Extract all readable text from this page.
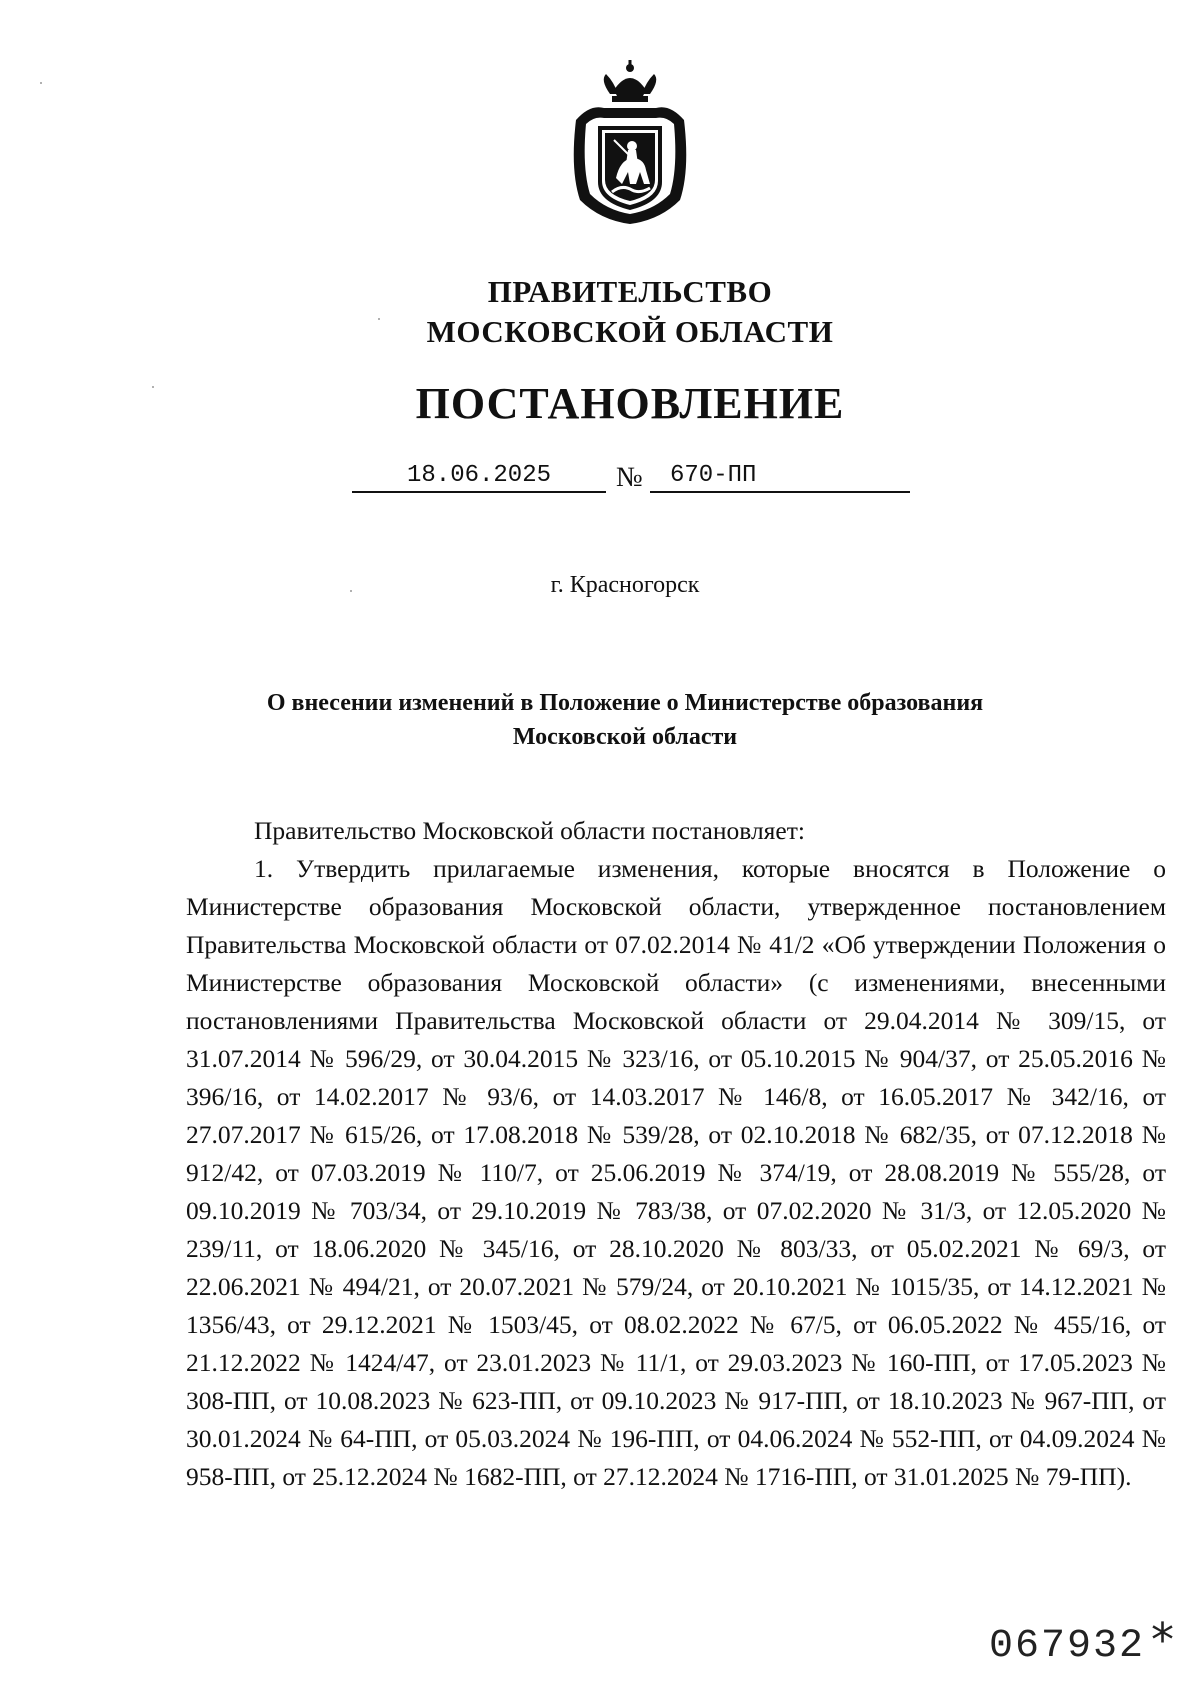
ПРАВИТЕЛЬСТВО
МОСКОВСКОЙ ОБЛАСТИ
ПОСТАНОВЛЕНИЕ
18.06.2025	№	670-ПП
г. Красногорск
О внесении изменений в Положение о Министерстве образования
Московской области

Правительство Московской области постановляет:

1. Утвердить прилагаемые изменения, которые вносятся в Положение о Министерстве образования Московской области, утвержденное постановлением Правительства Московской области от 07.02.2014 № 41/2 «Об утверждении Положения о Министерстве образования Московской области» (с изменениями, внесенными постановлениями Правительства Московской области от 29.04.2014 № 309/15, от 31.07.2014 № 596/29, от 30.04.2015 № 323/16, от 05.10.2015 № 904/37, от 25.05.2016 № 396/16, от 14.02.2017 № 93/6, от 14.03.2017 № 146/8, от 16.05.2017 № 342/16, от 27.07.2017 № 615/26, от 17.08.2018 № 539/28, от 02.10.2018 № 682/35, от 07.12.2018 № 912/42, от 07.03.2019 № 110/7, от 25.06.2019 № 374/19, от 28.08.2019 № 555/28, от 09.10.2019 № 703/34, от 29.10.2019 № 783/38, от 07.02.2020 № 31/3, от 12.05.2020 № 239/11, от 18.06.2020 № 345/16, от 28.10.2020 № 803/33, от 05.02.2021 № 69/3, от 22.06.2021 № 494/21, от 20.07.2021 № 579/24, от 20.10.2021 № 1015/35, от 14.12.2021 № 1356/43, от 29.12.2021 № 1503/45, от 08.02.2022 № 67/5, от 06.05.2022 № 455/16, от 21.12.2022 № 1424/47, от 23.01.2023 № 11/1, от 29.03.2023 № 160-ПП, от 17.05.2023 № 308-ПП, от 10.08.2023 № 623-ПП, от 09.10.2023 № 917-ПП, от 18.10.2023 № 967-ПП, от 30.01.2024 № 64-ПП, от 05.03.2024 № 196-ПП, от 04.06.2024 № 552-ПП, от 04.09.2024 № 958-ПП, от 25.12.2024 № 1682-ПП, от 27.12.2024 № 1716-ПП, от 31.01.2025 № 79-ПП).

067932 *
